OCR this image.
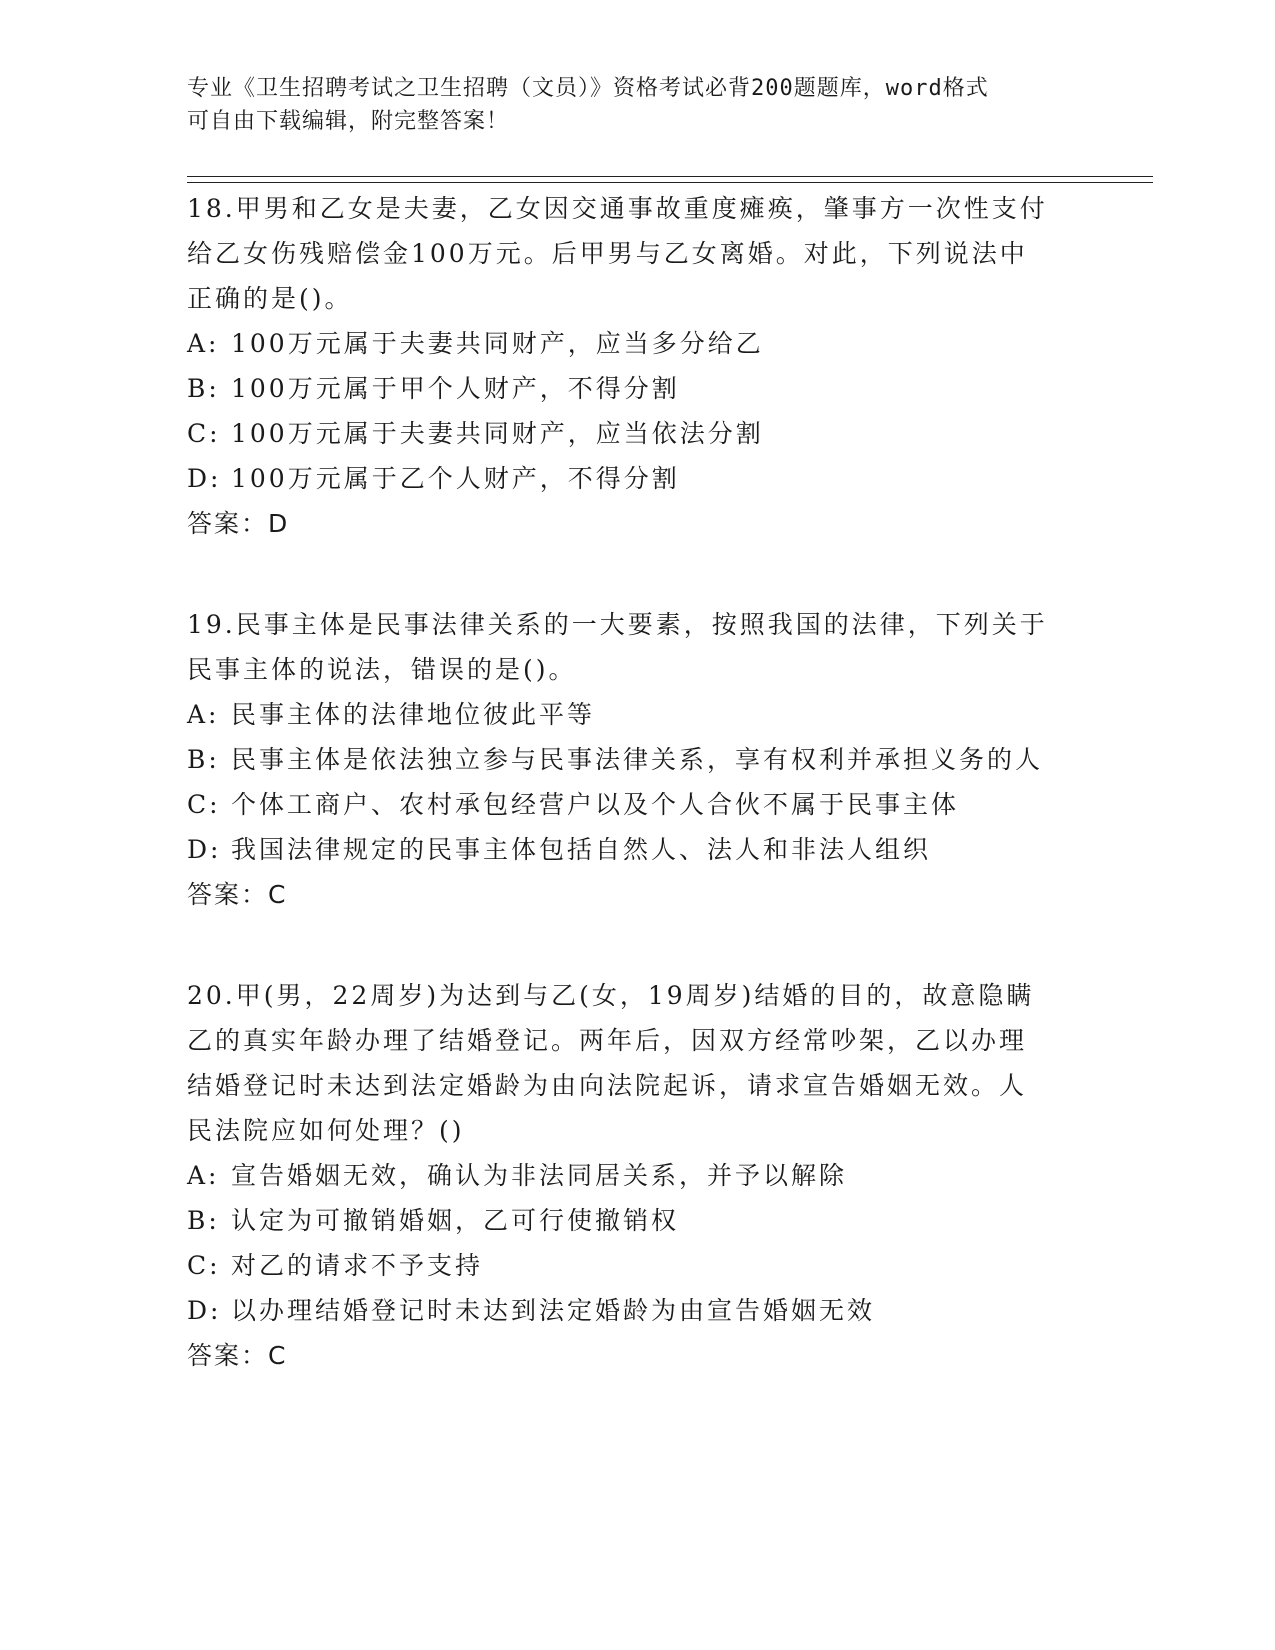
专业《卫生招聘考试之卫生招聘（文员）》资格考试必背200题题库，word格式
可自由下载编辑，附完整答案！

18.甲男和乙女是夫妻，乙女因交通事故重度瘫痪，肇事方一次性支付
给乙女伤残赔偿金100万元。后甲男与乙女离婚。对此，下列说法中
正确的是()。

A: 100万元属于夫妻共同财产，应当多分给乙

B: 100万元属于甲个人财产，不得分割

C: 100万元属于夫妻共同财产，应当依法分割

D: 100万元属于乙个人财产，不得分割

答案：D

19.民事主体是民事法律关系的一大要素，按照我国的法律，下列关于
民事主体的说法，错误的是()。

A: 民事主体的法律地位彼此平等

B: 民事主体是依法独立参与民事法律关系，享有权利并承担义务的人

C: 个体工商户、农村承包经营户以及个人合伙不属于民事主体

D: 我国法律规定的民事主体包括自然人、法人和非法人组织

答案：C

20.甲(男，22周岁)为达到与乙(女，19周岁)结婚的目的，故意隐瞒
乙的真实年龄办理了结婚登记。两年后，因双方经常吵架，乙以办理
结婚登记时未达到法定婚龄为由向法院起诉，请求宣告婚姻无效。人
民法院应如何处理？()

A: 宣告婚姻无效，确认为非法同居关系，并予以解除

B: 认定为可撤销婚姻，乙可行使撤销权

C: 对乙的请求不予支持

D: 以办理结婚登记时未达到法定婚龄为由宣告婚姻无效

答案：C
